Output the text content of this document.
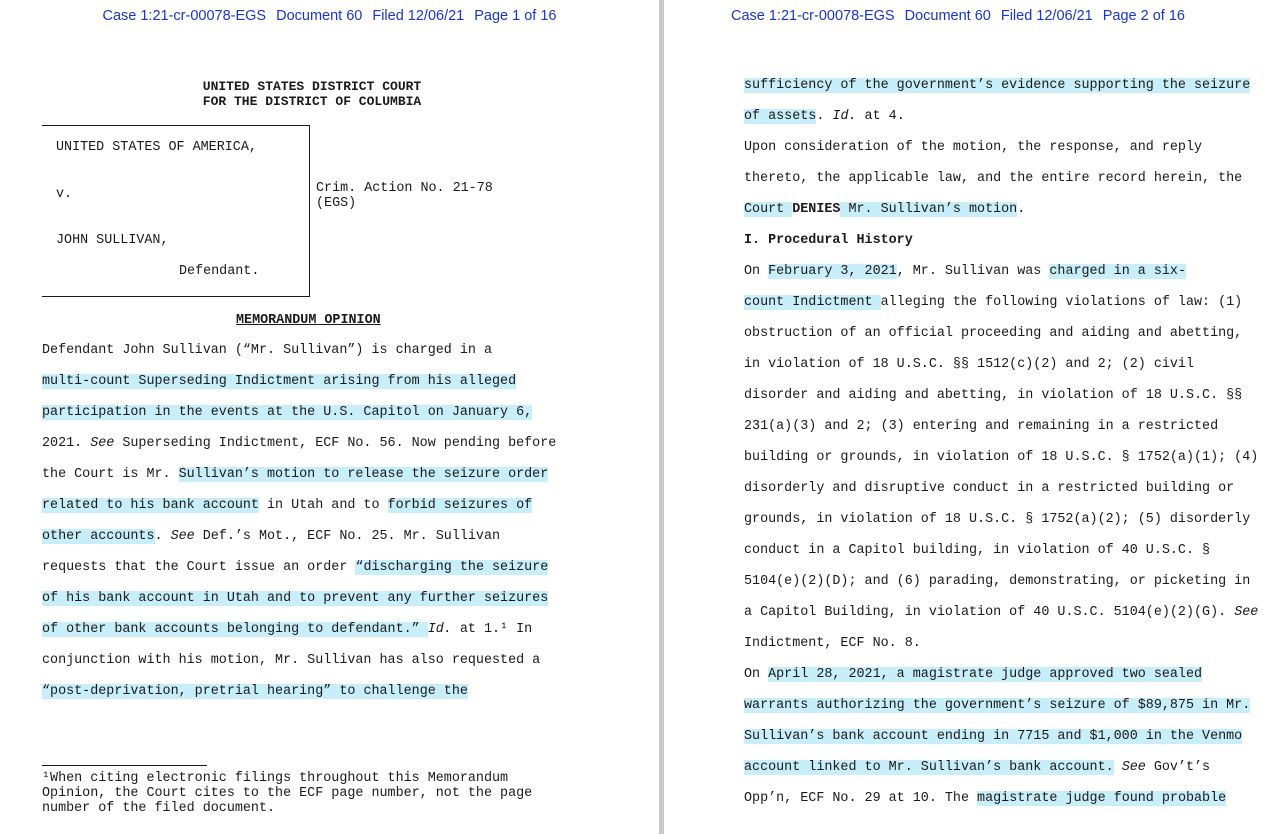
Case 1:21-cr-00078-EGS Document 60 Filed 12/06/21 Page 1 of 16
UNITED STATES DISTRICT COURT
FOR THE DISTRICT OF COLUMBIA
UNITED STATES OF AMERICA,
v.
JOHN SULLIVAN,
Defendant.
Crim. Action No. 21-78
(EGS)
MEMORANDUM OPINION
Defendant John Sullivan (“Mr. Sullivan”) is charged in a
multi-count Superseding Indictment arising from his alleged
participation in the events at the U.S. Capitol on January 6,
2021. See Superseding Indictment, ECF No. 56. Now pending before
the Court is Mr. Sullivan’s motion to release the seizure order
related to his bank account in Utah and to forbid seizures of
other accounts. See Def.’s Mot., ECF No. 25. Mr. Sullivan
requests that the Court issue an order “discharging the seizure
of his bank account in Utah and to prevent any further seizures
of other bank accounts belonging to defendant.” Id. at 1.¹ In
conjunction with his motion, Mr. Sullivan has also requested a
“post-deprivation, pretrial hearing” to challenge the
¹When citing electronic filings throughout this Memorandum
Opinion, the Court cites to the ECF page number, not the page
number of the filed document.
Case 1:21-cr-00078-EGS Document 60 Filed 12/06/21 Page 2 of 16
sufficiency of the government’s evidence supporting the seizure
of assets. Id. at 4.
Upon consideration of the motion, the response, and reply
thereto, the applicable law, and the entire record herein, the
Court DENIES Mr. Sullivan’s motion.
I. Procedural History
On February 3, 2021, Mr. Sullivan was charged in a six-
count Indictment alleging the following violations of law: (1)
obstruction of an official proceeding and aiding and abetting,
in violation of 18 U.S.C. §§ 1512(c)(2) and 2; (2) civil
disorder and aiding and abetting, in violation of 18 U.S.C. §§
231(a)(3) and 2; (3) entering and remaining in a restricted
building or grounds, in violation of 18 U.S.C. § 1752(a)(1); (4)
disorderly and disruptive conduct in a restricted building or
grounds, in violation of 18 U.S.C. § 1752(a)(2); (5) disorderly
conduct in a Capitol building, in violation of 40 U.S.C. §
5104(e)(2)(D); and (6) parading, demonstrating, or picketing in
a Capitol Building, in violation of 40 U.S.C. 5104(e)(2)(G). See
Indictment, ECF No. 8.
On April 28, 2021, a magistrate judge approved two sealed
warrants authorizing the government’s seizure of $89,875 in Mr.
Sullivan’s bank account ending in 7715 and $1,000 in the Venmo
account linked to Mr. Sullivan’s bank account. See Gov’t’s
Opp’n, ECF No. 29 at 10. The magistrate judge found probable
